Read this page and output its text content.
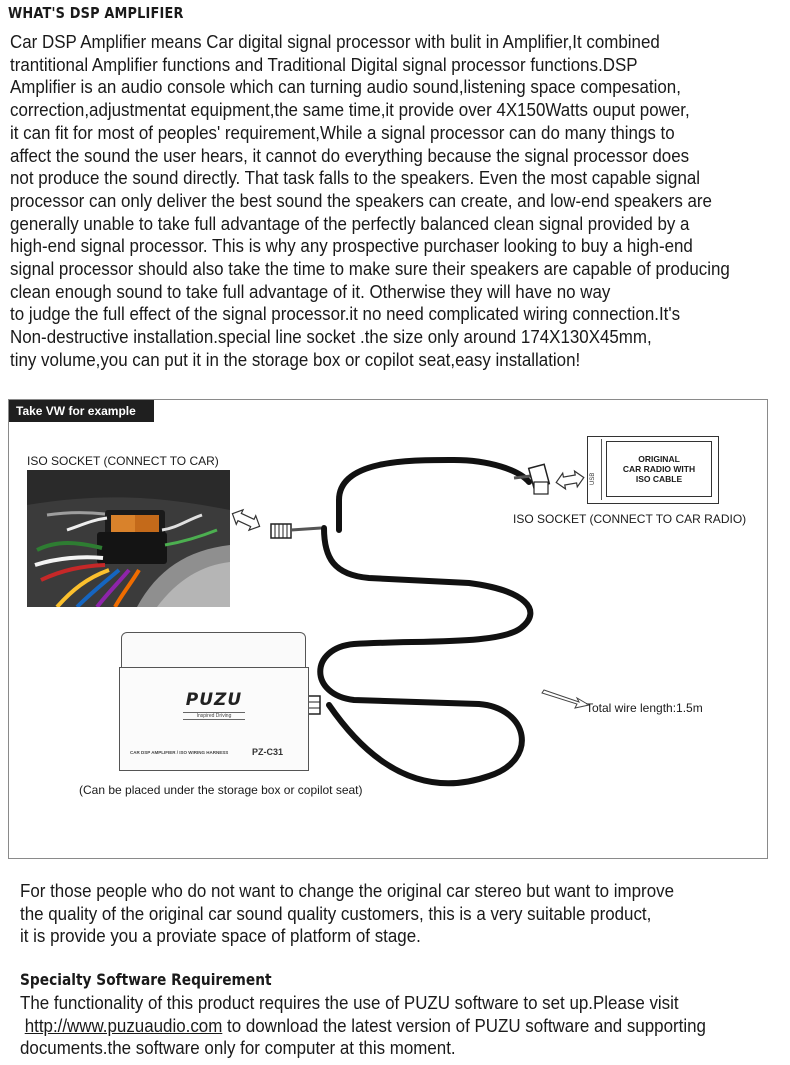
WHAT'S DSP AMPLIFIER
Car DSP Amplifier means Car digital signal processor with bulit in Amplifier,It combined
trantitional Amplifier functions and Traditional Digital signal processor functions.DSP
Amplifier is an audio console which can turning audio sound,listening space compesation,
correction,adjustmentat equipment,the same time,it provide over 4X150Watts ouput power,
it can fit for most of peoples' requirement,While a signal processor can do many things to
affect the sound the user hears, it cannot do everything because the signal processor does
not produce the sound directly. That task falls to the speakers. Even the most capable signal
processor can only deliver the best sound the speakers can create, and low-end speakers are
generally unable to take full advantage of the perfectly balanced clean signal provided by a
high-end signal processor. This is why any prospective purchaser looking to buy a high-end
signal processor should also take the time to make sure their speakers are capable of producing
clean enough sound to take full advantage of it. Otherwise they will have no way
to judge the full effect of the signal processor.it no need complicated wiring connection.It's
Non-destructive installation.special line socket .the size only around 174X130X45mm,
tiny volume,you can put it in the storage box or copilot seat,easy installation!
Take VW for example
ISO SOCKET (CONNECT TO CAR)
USB
ORIGINAL
CAR RADIO WITH
ISO CABLE
ISO SOCKET (CONNECT TO CAR RADIO)
PUZU
Inspired Driving
CAR DSP AMPLIFIER / ISO WIRING HARNESS	PZ-C31
Total wire length:1.5m
(Can be placed under the storage box or copilot seat)
For those people who do not want to change the original car stereo but want to improve
the quality of the original car sound quality customers, this is a very suitable product,
it is provide you a proviate space of platform of stage.
Specialty Software Requirement
The functionality of this product requires the use of PUZU software to set up.Please visit
http://www.puzuaudio.com to download the latest version of PUZU software and supporting
documents.the software only for computer at this moment.
